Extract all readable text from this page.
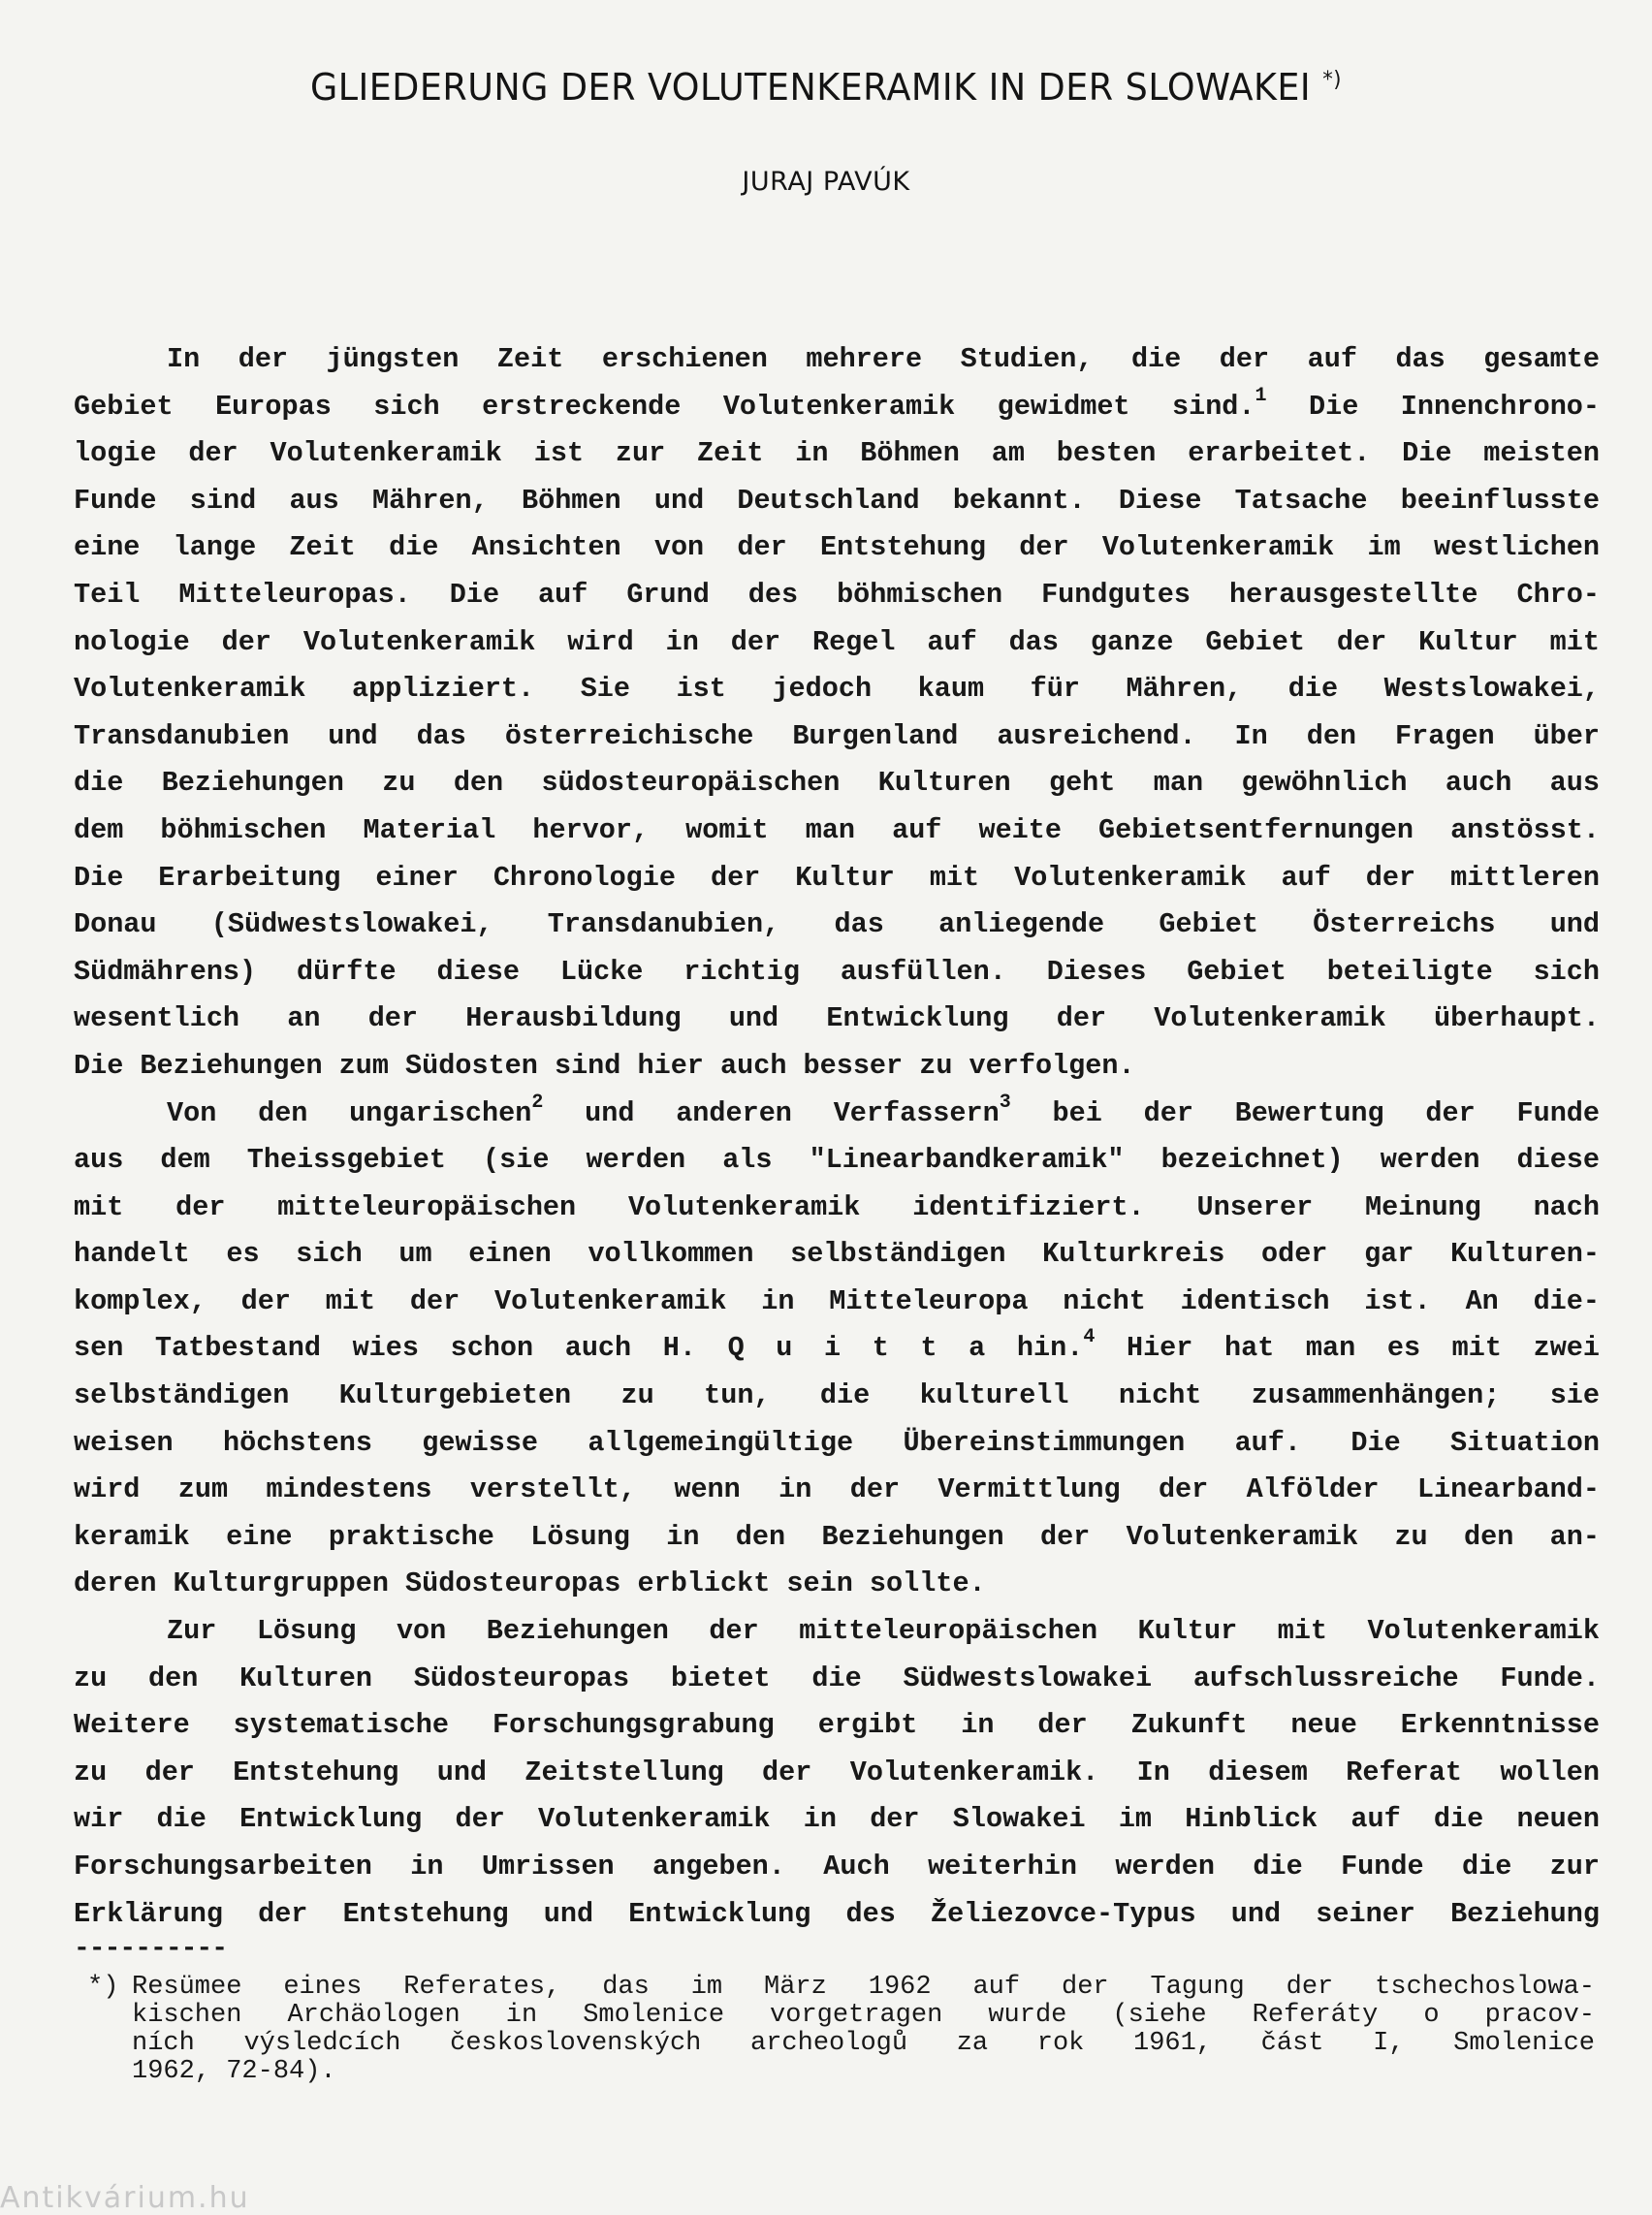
GLIEDERUNG DER VOLUTENKERAMIK IN DER SLOWAKEI *)
JURAJ PAVÚK
In der jüngsten Zeit erschienen mehrere Studien, die der auf das gesamte
Gebiet Europas sich erstreckende Volutenkeramik gewidmet sind.$^1$ Die Innenchrono-
logie der Volutenkeramik ist zur Zeit in Böhmen am besten erarbeitet. Die meisten
Funde sind aus Mähren, Böhmen und Deutschland bekannt. Diese Tatsache beeinflusste
eine lange Zeit die Ansichten von der Entstehung der Volutenkeramik im westlichen
Teil Mitteleuropas. Die auf Grund des böhmischen Fundgutes herausgestellte Chro-
nologie der Volutenkeramik wird in der Regel auf das ganze Gebiet der Kultur mit
Volutenkeramik appliziert. Sie ist jedoch kaum für Mähren, die Westslowakei,
Transdanubien und das österreichische Burgenland ausreichend. In den Fragen über
die Beziehungen zu den südosteuropäischen Kulturen geht man gewöhnlich auch aus
dem böhmischen Material hervor, womit man auf weite Gebietsentfernungen anstösst.
Die Erarbeitung einer Chronologie der Kultur mit Volutenkeramik auf der mittleren
Donau (Südwestslowakei, Transdanubien, das anliegende Gebiet Österreichs und
Südmährens) dürfte diese Lücke richtig ausfüllen. Dieses Gebiet beteiligte sich
wesentlich an der Herausbildung und Entwicklung der Volutenkeramik überhaupt.
Die Beziehungen zum Südosten sind hier auch besser zu verfolgen.
Von den ungarischen$^2$ und anderen Verfassern$^3$ bei der Bewertung der Funde
aus dem Theissgebiet (sie werden als "Linearbandkeramik" bezeichnet) werden diese
mit der mitteleuropäischen Volutenkeramik identifiziert. Unserer Meinung nach
handelt es sich um einen vollkommen selbständigen Kulturkreis oder gar Kulturen-
komplex, der mit der Volutenkeramik in Mitteleuropa nicht identisch ist. An die-
sen Tatbestand wies schon auch H. Q u i t t a hin.$^4$ Hier hat man es mit zwei
selbständigen Kulturgebieten zu tun, die kulturell nicht zusammenhängen; sie
weisen höchstens gewisse allgemeingültige Übereinstimmungen auf. Die Situation
wird zum mindestens verstellt, wenn in der Vermittlung der Alfölder Linearband-
keramik eine praktische Lösung in den Beziehungen der Volutenkeramik zu den an-
deren Kulturgruppen Südosteuropas erblickt sein sollte.
Zur Lösung von Beziehungen der mitteleuropäischen Kultur mit Volutenkeramik
zu den Kulturen Südosteuropas bietet die Südwestslowakei aufschlussreiche Funde.
Weitere systematische Forschungsgrabung ergibt in der Zukunft neue Erkenntnisse
zu der Entstehung und Zeitstellung der Volutenkeramik. In diesem Referat wollen
wir die Entwicklung der Volutenkeramik in der Slowakei im Hinblick auf die neuen
Forschungsarbeiten in Umrissen angeben. Auch weiterhin werden die Funde die zur
Erklärung der Entstehung und Entwicklung des Želiezovce-Typus und seiner Beziehung
----------
*) Resümee eines Referates, das im März 1962 auf der Tagung der tschechoslowa-
kischen Archäologen in Smolenice vorgetragen wurde (siehe Referáty o pracov-
ních výsledcích československých archeologů za rok 1961, část I, Smolenice
1962, 72-84).
Antikvárium.hu
